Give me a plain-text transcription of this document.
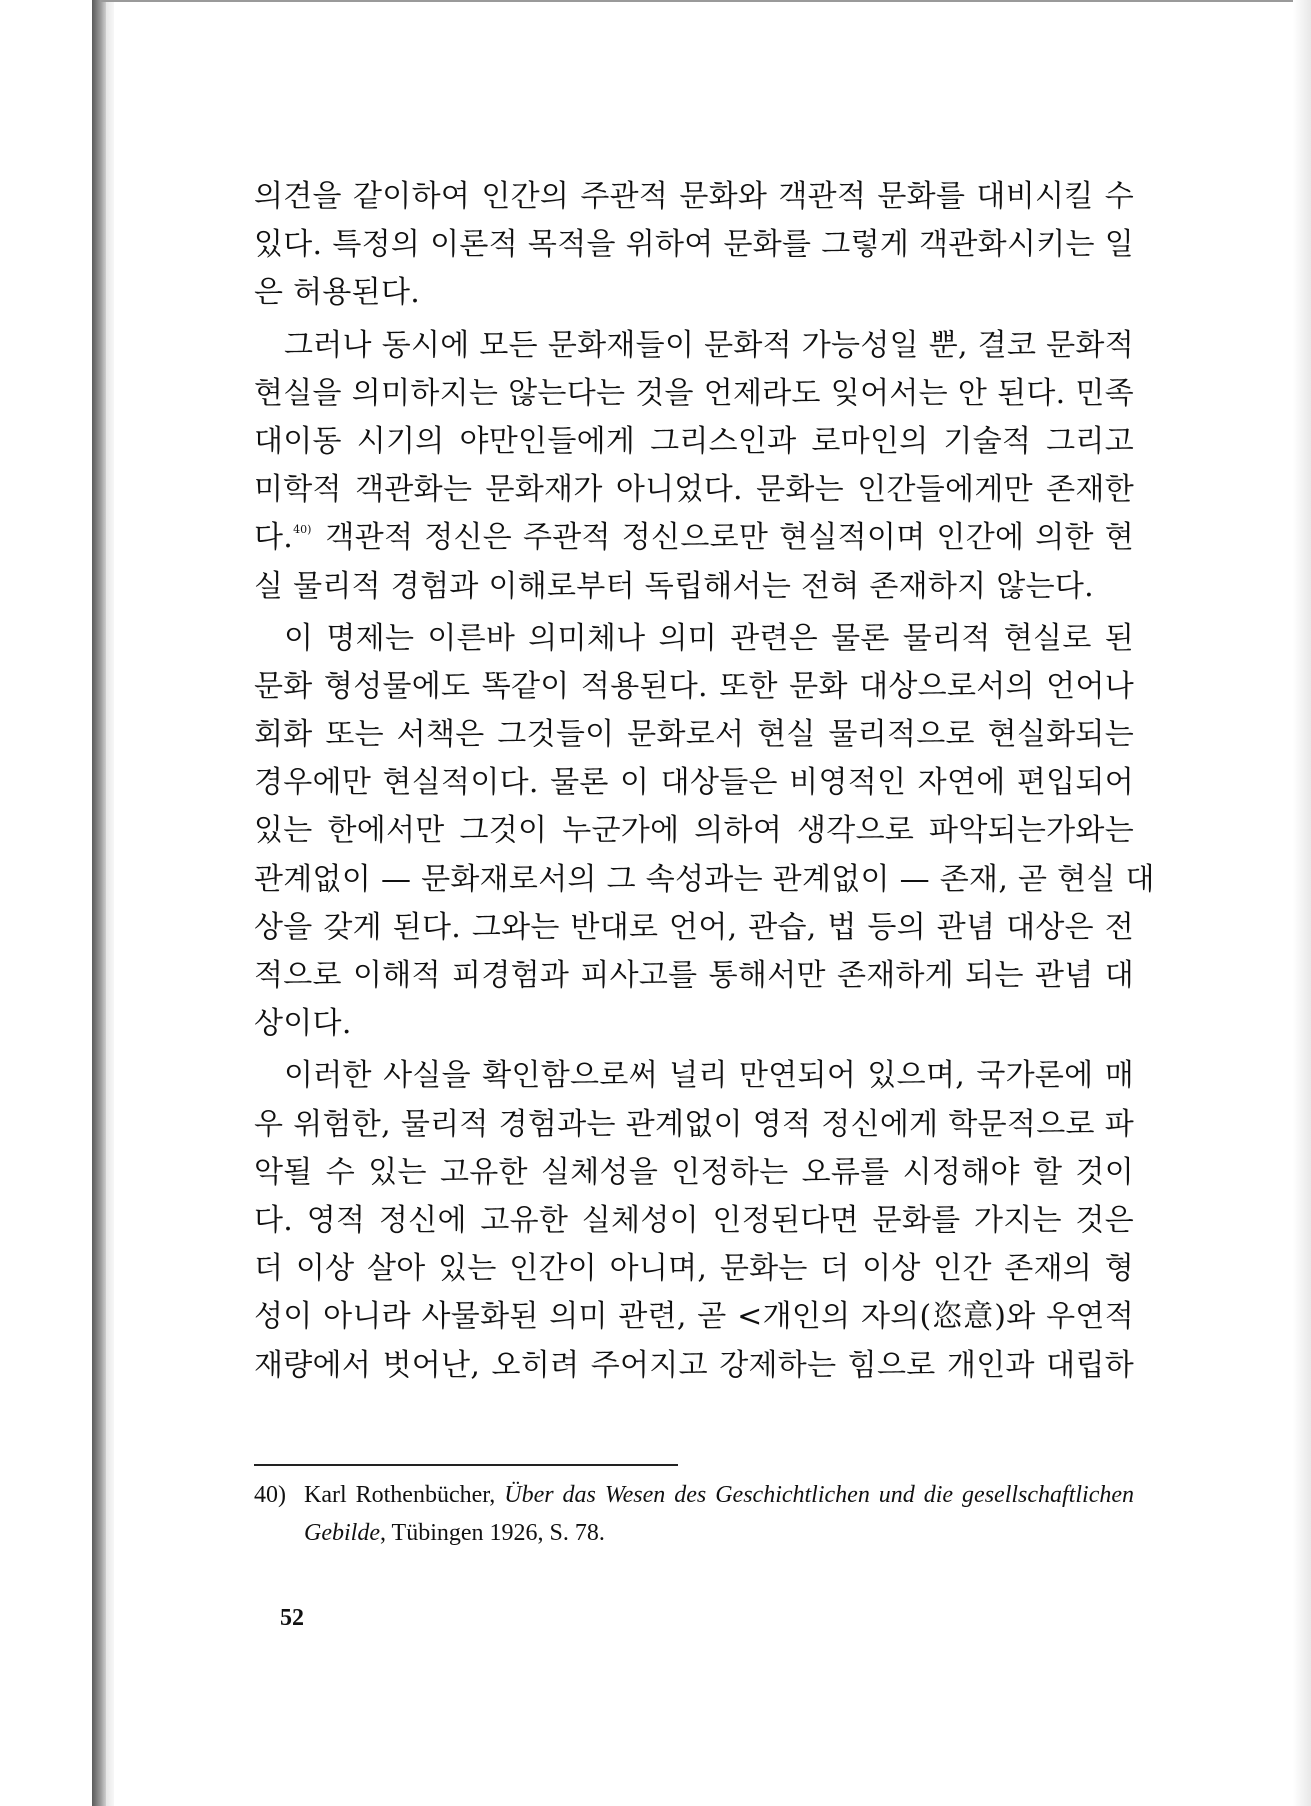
의견을 같이하여 인간의 주관적 문화와 객관적 문화를 대비시킬 수
있다. 특정의 이론적 목적을 위하여 문화를 그렇게 객관화시키는 일
은 허용된다.
그러나 동시에 모든 문화재들이 문화적 가능성일 뿐, 결코 문화적
현실을 의미하지는 않는다는 것을 언제라도 잊어서는 안 된다. 민족
대이동 시기의 야만인들에게 그리스인과 로마인의 기술적 그리고
미학적 객관화는 문화재가 아니었다. 문화는 인간들에게만 존재한
다.$^{40)}$ 객관적 정신은 주관적 정신으로만 현실적이며 인간에 의한 현
실 물리적 경험과 이해로부터 독립해서는 전혀 존재하지 않는다.
이 명제는 이른바 의미체나 의미 관련은 물론 물리적 현실로 된
문화 형성물에도 똑같이 적용된다. 또한 문화 대상으로서의 언어나
회화 또는 서책은 그것들이 문화로서 현실 물리적으로 현실화되는
경우에만 현실적이다. 물론 이 대상들은 비영적인 자연에 편입되어
있는 한에서만 그것이 누군가에 의하여 생각으로 파악되는가와는
관계없이 — 문화재로서의 그 속성과는 관계없이 — 존재, 곧 현실 대
상을 갖게 된다. 그와는 반대로 언어, 관습, 법 등의 관념 대상은 전
적으로 이해적 피경험과 피사고를 통해서만 존재하게 되는 관념 대
상이다.
이러한 사실을 확인함으로써 널리 만연되어 있으며, 국가론에 매
우 위험한, 물리적 경험과는 관계없이 영적 정신에게 학문적으로 파
악될 수 있는 고유한 실체성을 인정하는 오류를 시정해야 할 것이
다. 영적 정신에 고유한 실체성이 인정된다면 문화를 가지는 것은
더 이상 살아 있는 인간이 아니며, 문화는 더 이상 인간 존재의 형
성이 아니라 사물화된 의미 관련, 곧 <개인의 자의(恣意)와 우연적
재량에서 벗어난, 오히려 주어지고 강제하는 힘으로 개인과 대립하
40) Karl Rothenbücher, Über das Wesen des Geschichtlichen und die gesellschaftlichen Gebilde, Tübingen 1926, S. 78.
52
